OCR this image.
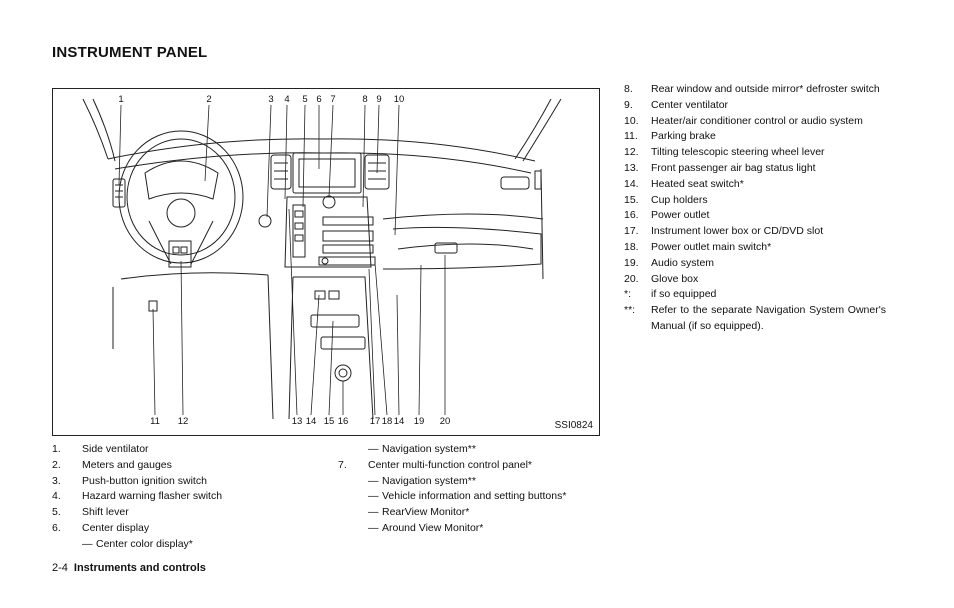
INSTRUMENT PANEL
1	2	3 4 5 6 7	8 9 10
11 12	13 14 15 16 17 18 14 19 20	SSI0824
1. Side ventilator
2. Meters and gauges
3. Push-button ignition switch
4. Hazard warning flasher switch
5. Shift lever
6. Center display
— Center color display*
— Navigation system**
7. Center multi-function control panel*
— Navigation system**
— Vehicle information and setting buttons*
— RearView Monitor*
— Around View Monitor*
8. Rear window and outside mirror* defroster switch
9. Center ventilator
10. Heater/air conditioner control or audio system
11. Parking brake
12. Tilting telescopic steering wheel lever
13. Front passenger air bag status light
14. Heated seat switch*
15. Cup holders
16. Power outlet
17. Instrument lower box or CD/DVD slot
18. Power outlet main switch*
19. Audio system
20. Glove box
*: if so equipped
**: Refer to the separate Navigation System Owner's Manual (if so equipped).
2-4 Instruments and controls
